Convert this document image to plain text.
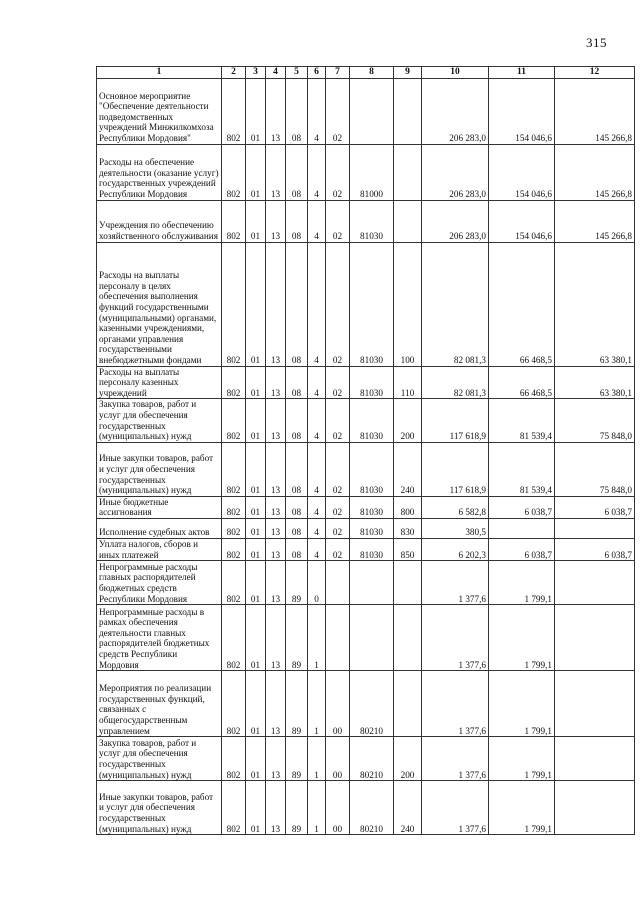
315
1	2	3	4	5	6	7	8	9	10	11	12
Основное мероприятие "Обеспечение деятельности подведомственных учреждений Минжилкомхоза Республики Мордовия"	802	01	13	08	4	02			206 283,0	154 046,6	145 266,8
Расходы на обеспечение деятельности (оказание услуг) государственных учреждений Республики Мордовия	802	01	13	08	4	02	81000		206 283,0	154 046,6	145 266,8
Учреждения по обеспечению хозяйственного обслуживания	802	01	13	08	4	02	81030		206 283,0	154 046,6	145 266,8
Расходы на выплаты персоналу в целях обеспечения выполнения функций государственными (муниципальными) органами, казенными учреждениями, органами управления государственными внебюджетными фондами	802	01	13	08	4	02	81030	100	82 081,3	66 468,5	63 380,1
Расходы на выплаты персоналу казенных учреждений	802	01	13	08	4	02	81030	110	82 081,3	66 468,5	63 380,1
Закупка товаров, работ и услуг для обеспечения государственных (муниципальных) нужд	802	01	13	08	4	02	81030	200	117 618,9	81 539,4	75 848,0
Иные закупки товаров, работ и услуг для обеспечения государственных (муниципальных) нужд	802	01	13	08	4	02	81030	240	117 618,9	81 539,4	75 848,0
Иные бюджетные ассигнования	802	01	13	08	4	02	81030	800	6 582,8	6 038,7	6 038,7
Исполнение судебных актов	802	01	13	08	4	02	81030	830	380,5		
Уплата налогов, сборов и иных платежей	802	01	13	08	4	02	81030	850	6 202,3	6 038,7	6 038,7
Непрограммные расходы главных распорядителей бюджетных средств Республики Мордовия	802	01	13	89	0				1 377,6	1 799,1	
Непрограммные расходы в рамках обеспечения деятельности главных распорядителей бюджетных средств Республики Мордовия	802	01	13	89	1				1 377,6	1 799,1	
Мероприятия по реализации государственных функций, связанных с общегосударственным управлением	802	01	13	89	1	00	80210		1 377,6	1 799,1	
Закупка товаров, работ и услуг для обеспечения государственных (муниципальных) нужд	802	01	13	89	1	00	80210	200	1 377,6	1 799,1	
Иные закупки товаров, работ и услуг для обеспечения государственных (муниципальных) нужд	802	01	13	89	1	00	80210	240	1 377,6	1 799,1	
